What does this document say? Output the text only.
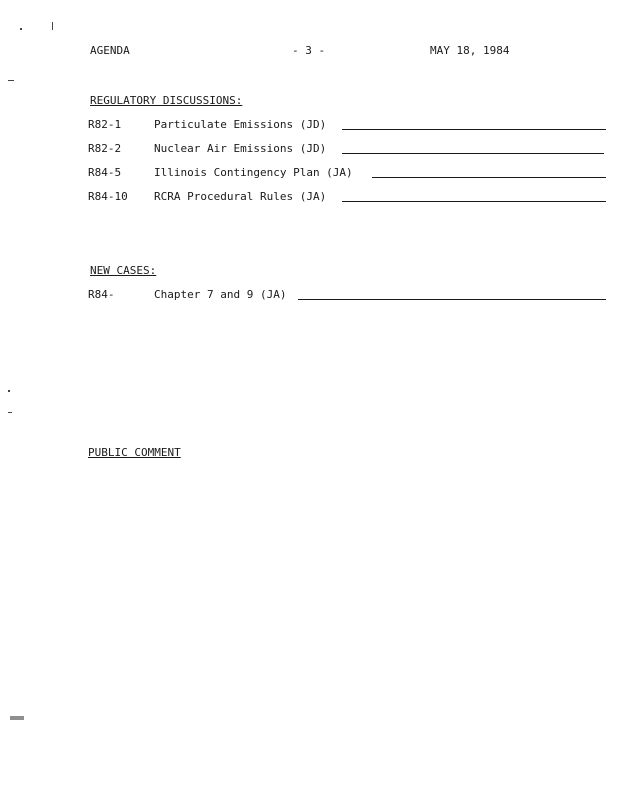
AGENDA	- 3 -	MAY 18, 1984
REGULATORY DISCUSSIONS:
R82-1	Particulate Emissions (JD)
R82-2	Nuclear Air Emissions (JD)
R84-5	Illinois Contingency Plan (JA)
R84-10 RCRA Procedural Rules (JA)
NEW CASES:
R84-	Chapter 7 and 9 (JA)
PUBLIC COMMENT
